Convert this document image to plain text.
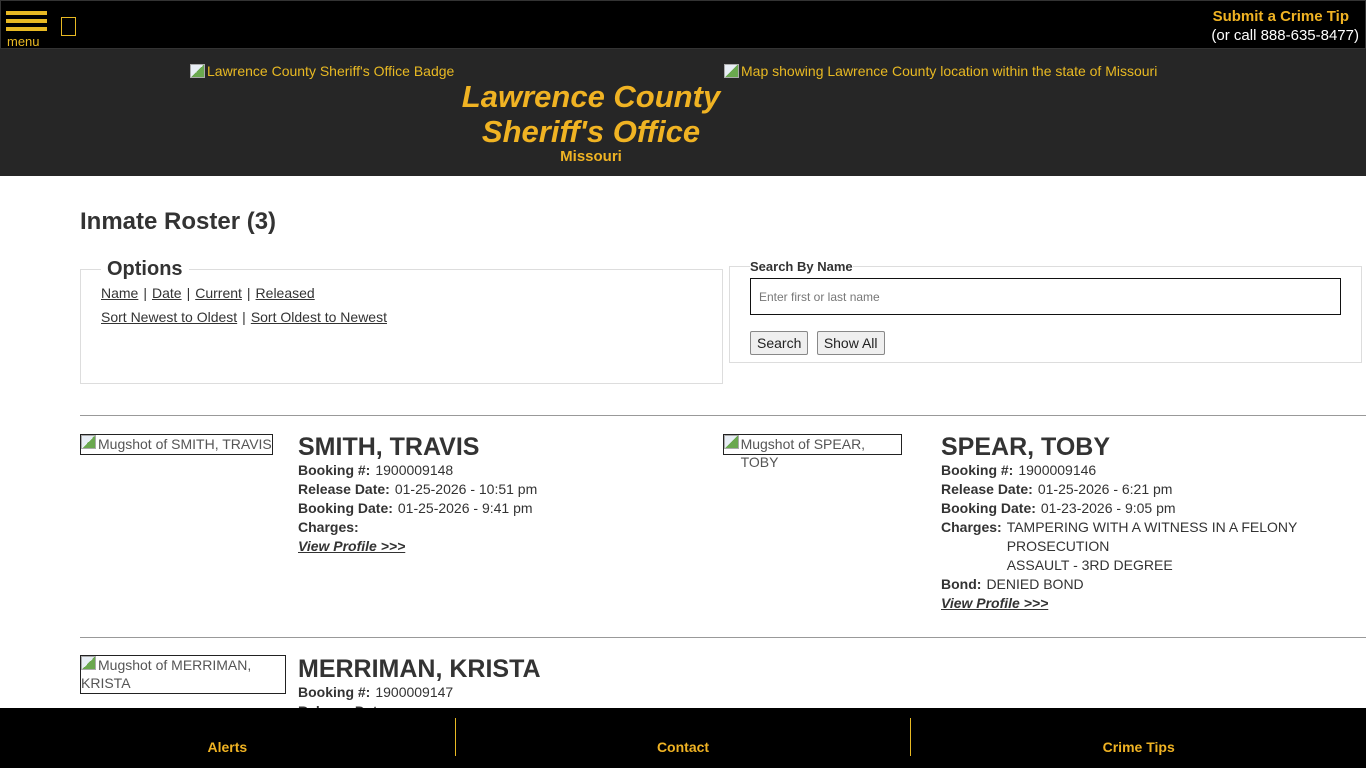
menu
Submit a Crime Tip
(or call 888-635-8477)
Lawrence County Sheriff's Office Badge
Lawrence County
Sheriff's Office
Missouri
Map showing Lawrence County location within the state of Missouri
Inmate Roster (3)
Options
Name | Date | Current | Released
Sort Newest to Oldest | Sort Oldest to Newest
Search By Name
Enter first or last name
Search Show All
Mugshot of SMITH, TRAVIS SMITH, TRAVIS
Booking #: 1900009148
Release Date: 01-25-2026 - 10:51 pm
Booking Date: 01-25-2026 - 9:41 pm
Charges:
View Profile >>>
Mugshot of SPEAR, TOBY
SPEAR, TOBY
Booking #: 1900009146
Release Date: 01-25-2026 - 6:21 pm
Booking Date: 01-23-2026 - 9:05 pm
Charges: TAMPERING WITH A WITNESS IN A FELONY
PROSECUTION
ASSAULT - 3RD DEGREE
Bond: DENIED BOND
View Profile >>>
Mugshot of MERRIMAN, KRISTA	MERRIMAN, KRISTA
Booking #: 1900009147
Alerts	Contact	Crime Tips
